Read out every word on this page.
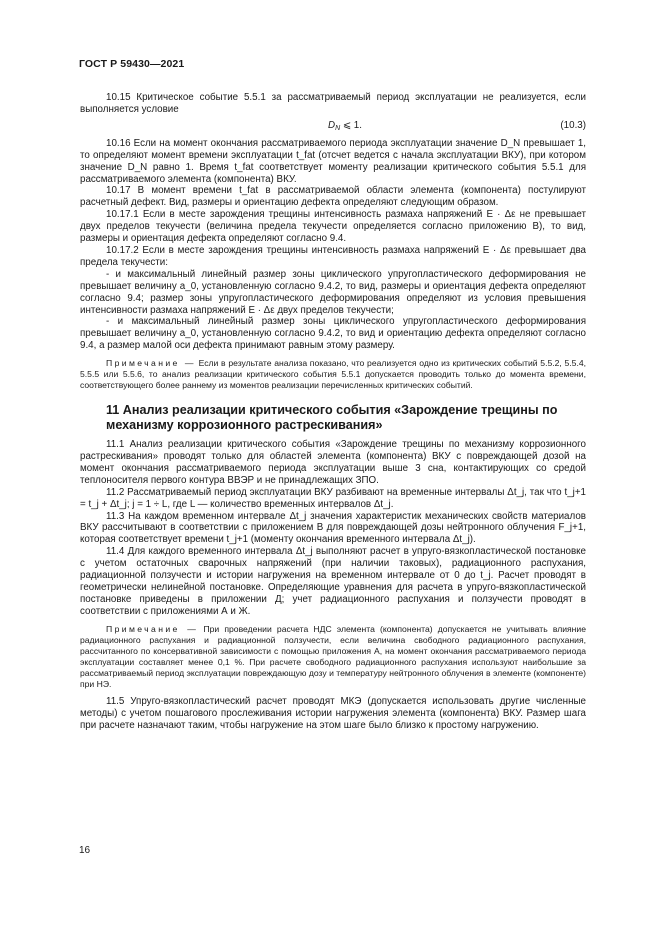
ГОСТ Р 59430—2021

10.15 Критическое событие 5.5.1 за рассматриваемый период эксплуатации не реализуется, если выполняется условие

$D_N$ ⩽ 1.	(10.3)

10.16 Если на момент окончания рассматриваемого периода эксплуатации значение D_N превышает 1, то определяют момент времени эксплуатации t_fat (отсчет ведется с начала эксплуатации ВКУ), при котором значение D_N равно 1. Время t_fat соответствует моменту реализации критического события 5.5.1 для рассматриваемого элемента (компонента) ВКУ.

10.17 В момент времени t_fat в рассматриваемой области элемента (компонента) постулируют расчетный дефект. Вид, размеры и ориентацию дефекта определяют следующим образом.

10.17.1 Если в месте зарождения трещины интенсивность размаха напряжений E · Δε не превышает двух пределов текучести (величина предела текучести определяется согласно приложению В), то вид, размеры и ориентация дефекта определяют согласно 9.4.

10.17.2 Если в месте зарождения трещины интенсивность размаха напряжений E · Δε превышает два предела текучести:

- и максимальный линейный размер зоны циклического упругопластического деформирования не превышает величину a_0, установленную согласно 9.4.2, то вид, размеры и ориентация дефекта определяют согласно 9.4; размер зоны упругопластического деформирования определяют из условия превышения интенсивности размаха напряжений E · Δε двух пределов текучести;

- и максимальный линейный размер зоны циклического упругопластического деформирования превышает величину a_0, установленную согласно 9.4.2, то вид и ориентацию дефекта определяют согласно 9.4, а размер малой оси дефекта принимают равным этому размеру.

Примечание — Если в результате анализа показано, что реализуется одно из критических событий 5.5.2, 5.5.4, 5.5.5 или 5.5.6, то анализ реализации критического события 5.5.1 допускается проводить только до момента времени, соответствующего более раннему из моментов реализации перечисленных критических событий.

11 Анализ реализации критического события «Зарождение трещины по механизму коррозионного растрескивания»

11.1 Анализ реализации критического события «Зарождение трещины по механизму коррозионного растрескивания» проводят только для областей элемента (компонента) ВКУ с повреждающей дозой на момент окончания рассматриваемого периода эксплуатации выше 3 сна, контактирующих со средой теплоносителя первого контура ВВЭР и не принадлежащих ЗПО.

11.2 Рассматриваемый период эксплуатации ВКУ разбивают на временные интервалы Δt_j, так что t_j+1 = t_j + Δt_j; j = 1 ÷ L, где L — количество временных интервалов Δt_j.

11.3 На каждом временном интервале Δt_j значения характеристик механических свойств материалов ВКУ рассчитывают в соответствии с приложением В для повреждающей дозы нейтронного облучения F_j+1, которая соответствует времени t_j+1 (моменту окончания временного интервала Δt_j).

11.4 Для каждого временного интервала Δt_j выполняют расчет в упруго-вязкопластической постановке с учетом остаточных сварочных напряжений (при наличии таковых), радиационного распухания, радиационной ползучести и истории нагружения на временном интервале от 0 до t_j. Расчет проводят в геометрически нелинейной постановке. Определяющие уравнения для расчета в упруго-вязкопластической постановке приведены в приложении Д; учет радиационного распухания и ползучести проводят в соответствии с приложениями А и Ж.

Примечание — При проведении расчета НДС элемента (компонента) допускается не учитывать влияние радиационного распухания и радиационной ползучести, если величина свободного радиационного распухания, рассчитанного по консервативной зависимости с помощью приложения А, на момент окончания рассматриваемого периода эксплуатации составляет менее 0,1 %. При расчете свободного радиационного распухания используют наибольшие за рассматриваемый период эксплуатации повреждающую дозу и температуру нейтронного облучения в элементе (компоненте) при НЭ.

11.5 Упруго-вязкопластический расчет проводят МКЭ (допускается использовать другие численные методы) с учетом пошагового прослеживания истории нагружения элемента (компонента) ВКУ. Размер шага при расчете назначают таким, чтобы нагружение на этом шаге было близко к простому нагружению.

16
